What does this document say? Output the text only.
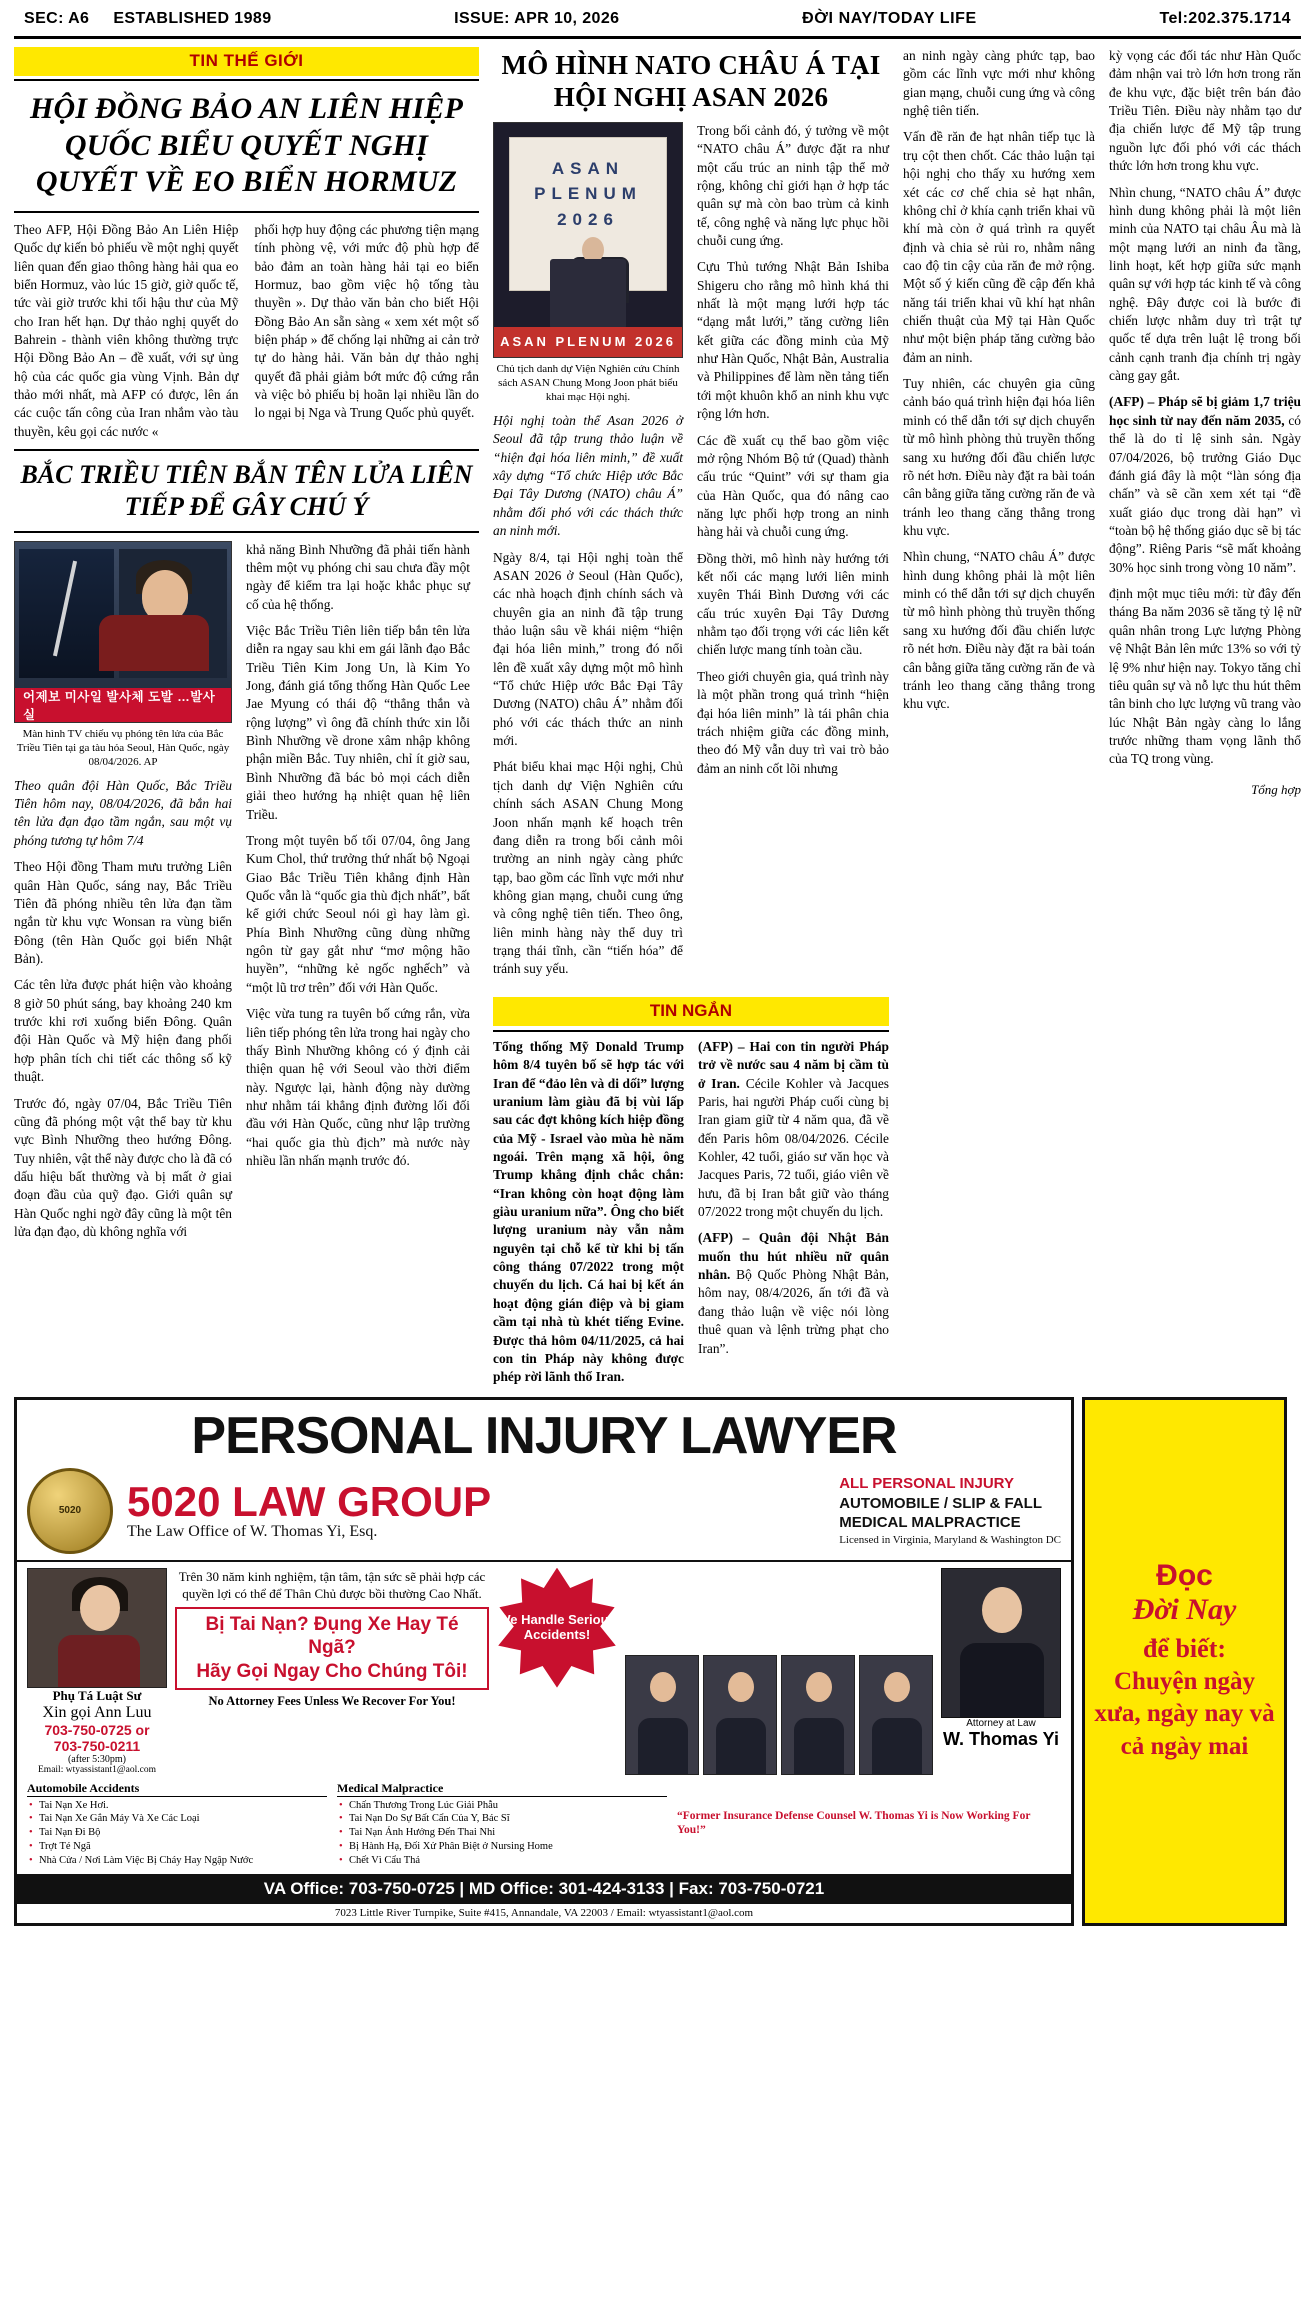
SEC: A6 ESTABLISHED 1989	ISSUE: APR 10, 2026	ĐỜI NAY/TODAY LIFE	Tel:202.375.1714
TIN THẾ GIỚI
HỘI ĐỒNG BẢO AN LIÊN HIỆP QUỐC BIỂU QUYẾT NGHỊ QUYẾT VỀ EO BIỂN HORMUZ

Theo AFP, Hội Đồng Bảo An Liên Hiệp Quốc dự kiến bỏ phiếu về một nghị quyết liên quan đến giao thông hàng hải qua eo biển Hormuz, vào lúc 15 giờ, giờ quốc tế, tức vài giờ trước khi tối hậu thư của Mỹ cho Iran hết hạn. Dự thảo nghị quyết do Bahrein - thành viên không thường trực Hội Đồng Bảo An – đề xuất, với sự ủng hộ của các quốc gia vùng Vịnh. Bản dự thảo mới nhất, mà AFP có được, lên án các cuộc tấn công của Iran nhắm vào tàu thuyền, kêu gọi các nước «

phối hợp huy động các phương tiện mạng tính phòng vệ, với mức độ phù hợp để bảo đảm an toàn hàng hải tại eo biển Hormuz, bao gồm việc hộ tống tàu thuyền ». Dự thảo văn bản cho biết Hội Đồng Bảo An sẵn sàng « xem xét một số biện pháp » để chống lại những ai cản trở tự do hàng hải. Văn bản dự thảo nghị quyết đã phải giảm bớt mức độ cứng rắn và việc bỏ phiếu bị hoãn lại nhiều lần do lo ngại bị Nga và Trung Quốc phủ quyết.

BẮC TRIỀU TIÊN BẮN TÊN LỬA LIÊN TIẾP ĐỂ GÂY CHÚ Ý
어제보 미사일 발사체 도발 …발사 실
Màn hình TV chiếu vụ phóng tên lửa của Bắc Triều Tiên tại ga tàu hỏa Seoul, Hàn Quốc, ngày 08/04/2026. AP

Theo quân đội Hàn Quốc, Bắc Triều Tiên hôm nay, 08/04/2026, đã bắn hai tên lửa đạn đạo tầm ngắn, sau một vụ phóng tương tự hôm 7/4

Theo Hội đồng Tham mưu trưởng Liên quân Hàn Quốc, sáng nay, Bắc Triều Tiên đã phóng nhiều tên lửa đạn tầm ngắn từ khu vực Wonsan ra vùng biển Đông (tên Hàn Quốc gọi biển Nhật Bản).

Các tên lửa được phát hiện vào khoảng 8 giờ 50 phút sáng, bay khoảng 240 km trước khi rơi xuống biển Đông. Quân đội Hàn Quốc và Mỹ hiện đang phối hợp phân tích chi tiết các thông số kỹ thuật.

Trước đó, ngày 07/04, Bắc Triều Tiên cũng đã phóng một vật thể bay từ khu vực Bình Nhưỡng theo hướng Đông. Tuy nhiên, vật thể này được cho là đã có dấu hiệu bất thường và bị mất ở giai đoạn đầu của quỹ đạo. Giới quân sự Hàn Quốc nghi ngờ đây cũng là một tên lửa đạn đạo, dù không nghĩa với

khả năng Bình Nhưỡng đã phải tiến hành thêm một vụ phóng chi sau chưa đầy một ngày để kiểm tra lại hoặc khắc phục sự cố của hệ thống.

Việc Bắc Triều Tiên liên tiếp bắn tên lửa diễn ra ngay sau khi em gái lãnh đạo Bắc Triều Tiên Kim Jong Un, là Kim Yo Jong, đánh giá tổng thống Hàn Quốc Lee Jae Myung có thái độ “thẳng thắn và rộng lượng” vì ông đã chính thức xin lỗi Bình Nhưỡng về drone xâm nhập không phận miền Bắc. Tuy nhiên, chỉ ít giờ sau, Bình Nhưỡng đã bác bỏ mọi cách diễn giải theo hướng hạ nhiệt quan hệ liên Triều.

Trong một tuyên bố tối 07/04, ông Jang Kum Chol, thứ trưởng thứ nhất bộ Ngoại Giao Bắc Triều Tiên khẳng định Hàn Quốc vẫn là “quốc gia thù địch nhất”, bất kể giới chức Seoul nói gì hay làm gì. Phía Bình Nhưỡng cũng dùng những ngôn từ gay gắt như “mơ mộng hão huyền”, “những kẻ ngốc nghếch” và “một lũ trơ trên” đối với Hàn Quốc.

Việc vừa tung ra tuyên bố cứng rắn, vừa liên tiếp phóng tên lửa trong hai ngày cho thấy Bình Nhưỡng không có ý định cải thiện quan hệ với Seoul vào thời điểm này. Ngược lại, hành động này dường như nhằm tái khẳng định đường lối đối đầu với Hàn Quốc, cũng như lập trường “hai quốc gia thù địch” mà nước này nhiều lần nhấn mạnh trước đó.

MÔ HÌNH NATO CHÂU Á TẠI HỘI NGHỊ ASAN 2026
ASAN
PLENUM
2026
ASAN PLENUM 2026
Chủ tịch danh dự Viện Nghiên cứu Chính sách ASAN Chung Mong Joon phát biểu khai mạc Hội nghị.

Hội nghị toàn thể Asan 2026 ở Seoul đã tập trung thảo luận về “hiện đại hóa liên minh,” đề xuất xây dựng “Tổ chức Hiệp ước Bắc Đại Tây Dương (NATO) châu Á” nhằm đối phó với các thách thức an ninh mới.

Ngày 8/4, tại Hội nghị toàn thể ASAN 2026 ở Seoul (Hàn Quốc), các nhà hoạch định chính sách và chuyên gia an ninh đã tập trung thảo luận sâu về khái niệm “hiện đại hóa liên minh,” trong đó nổi lên đề xuất xây dựng một mô hình “Tổ chức Hiệp ước Bắc Đại Tây Dương (NATO) châu Á” nhằm đối phó với các thách thức an ninh mới.

Phát biểu khai mạc Hội nghị, Chủ tịch danh dự Viện Nghiên cứu chính sách ASAN Chung Mong Joon nhấn mạnh kế hoạch trên đang diễn ra trong bối cảnh môi trường an ninh ngày càng phức tạp, bao gồm các lĩnh vực mới như không gian mạng, chuỗi cung ứng và công nghệ tiên tiến. Theo ông, liên minh hàng này thể duy trì trạng thái tĩnh, cần “tiến hóa” để tránh suy yếu.

Trong bối cảnh đó, ý tưởng về một “NATO châu Á” được đặt ra như một cấu trúc an ninh tập thể mở rộng, không chỉ giới hạn ở hợp tác quân sự mà còn bao trùm cả kinh tế, công nghệ và năng lực phục hồi chuỗi cung ứng.

Cựu Thủ tướng Nhật Bản Ishiba Shigeru cho rằng mô hình khá thi nhất là một mạng lưới hợp tác “dạng mắt lưới,” tăng cường liên kết giữa các đồng minh của Mỹ như Hàn Quốc, Nhật Bản, Australia và Philippines để làm nền tảng tiến tới một khuôn khổ an ninh khu vực rộng lớn hơn.

Các đề xuất cụ thể bao gồm việc mở rộng Nhóm Bộ tứ (Quad) thành cấu trúc “Quint” với sự tham gia của Hàn Quốc, qua đó nâng cao năng lực phối hợp trong an ninh hàng hải và chuỗi cung ứng.

Đồng thời, mô hình này hướng tới kết nối các mạng lưới liên minh xuyên Thái Bình Dương với các cấu trúc xuyên Đại Tây Dương nhằm tạo đối trọng với các liên kết chiến lược mang tính toàn cầu.

Theo giới chuyên gia, quá trình này là một phần trong quá trình “hiện đại hóa liên minh” là tái phân chia trách nhiệm giữa các đồng minh, theo đó Mỹ vẫn duy trì vai trò bảo đảm an ninh cốt lõi nhưng

TIN NGẮN

Tổng thống Mỹ Donald Trump hôm 8/4 tuyên bố sẽ hợp tác với Iran để “đảo lên và di dối” lượng uranium làm giàu đã bị vùi lấp sau các đợt không kích hiệp đồng của Mỹ - Israel vào mùa hè năm ngoái. Trên mạng xã hội, ông Trump khẳng định chắc chắn: “Iran không còn hoạt động làm giàu uranium nữa”. Ông cho biết lượng uranium này vẫn nằm nguyên tại chỗ kể từ khi bị tấn công tháng 07/2022 trong một chuyến du lịch. Cá hai bị kết án hoạt động gián điệp và bị giam cầm tại nhà tù khét tiếng Evine. Được thả hôm 04/11/2025, cả hai con tin Pháp này không được phép rời lãnh thổ Iran.

(AFP) – Hai con tin người Pháp trở về nước sau 4 năm bị cầm tù ở Iran. Cécile Kohler và Jacques Paris, hai người Pháp cuối cùng bị Iran giam giữ từ 4 năm qua, đã về đến Paris hôm 08/04/2026. Cécile Kohler, 42 tuổi, giáo sư văn học và Jacques Paris, 72 tuổi, giáo viên về hưu, đã bị Iran bắt giữ vào tháng 07/2022 trong một chuyến du lịch.

(AFP) – Quân đội Nhật Bản muốn thu hút nhiều nữ quân nhân. Bộ Quốc Phòng Nhật Bản, hôm nay, 08/4/2026, ấn tới đã và đang thảo luận về việc nói lòng thuê quan và lệnh trừng phạt cho Iran”.

an ninh ngày càng phức tạp, bao gồm các lĩnh vực mới như không gian mạng, chuỗi cung ứng và công nghệ tiên tiến.

Vấn đề răn đe hạt nhân tiếp tục là trụ cột then chốt. Các thảo luận tại hội nghị cho thấy xu hướng xem xét các cơ chế chia sẻ hạt nhân, không chỉ ở khía cạnh triển khai vũ khí mà còn ở quá trình ra quyết định và chia sẻ rủi ro, nhằm nâng cao độ tin cậy của răn đe mở rộng. Một số ý kiến cũng đề cập đến khả năng tái triển khai vũ khí hạt nhân chiến thuật của Mỹ tại Hàn Quốc như một biện pháp tăng cường bảo đảm an ninh.

Tuy nhiên, các chuyên gia cũng cảnh báo quá trình hiện đại hóa liên minh có thể dẫn tới sự dịch chuyển từ mô hình phòng thủ truyền thống sang xu hướng đối đầu chiến lược rõ nét hơn. Điều này đặt ra bài toán cân bằng giữa tăng cường răn đe và tránh leo thang căng thẳng trong khu vực.

Nhìn chung, “NATO châu Á” được hình dung không phải là một liên minh có thể dẫn tới sự dịch chuyển từ mô hình phòng thủ truyền thống sang xu hướng đối đầu chiến lược rõ nét hơn. Điều này đặt ra bài toán cân bằng giữa tăng cường răn đe và tránh leo thang căng thẳng trong khu vực.

kỳ vọng các đối tác như Hàn Quốc đảm nhận vai trò lớn hơn trong răn đe khu vực, đặc biệt trên bán đảo Triều Tiên. Điều này nhằm tạo dư địa chiến lược để Mỹ tập trung nguồn lực đối phó với các thách thức lớn hơn trong khu vực.

Nhìn chung, “NATO châu Á” được hình dung không phải là một liên minh của NATO tại châu Âu mà là một mạng lưới an ninh đa tầng, linh hoạt, kết hợp giữa sức mạnh quân sự với hợp tác kinh tế và công nghệ. Đây được coi là bước đi chiến lược nhằm duy trì trật tự quốc tế dựa trên luật lệ trong bối cảnh cạnh tranh địa chính trị ngày càng gay gắt.

(AFP) – Pháp sẽ bị giảm 1,7 triệu học sinh từ nay đến năm 2035, có thể là do tỉ lệ sinh sản. Ngày 07/04/2026, bộ trưởng Giáo Dục đánh giá đây là một “làn sóng địa chấn” và sẽ cần xem xét tại “đề xuất giáo dục trong dài hạn” vì “toàn bộ hệ thống giáo dục sẽ bị tác động”. Riêng Paris “sẽ mất khoảng 30% học sinh trong vòng 10 năm”.

định một mục tiêu mới: từ đây đến tháng Ba năm 2036 sẽ tăng tỷ lệ nữ quân nhân trong Lực lượng Phòng vệ Nhật Bản lên mức 13% so với tỷ lệ 9% như hiện nay. Tokyo tăng chỉ tiêu quân sự và nỗ lực thu hút thêm tân binh cho lực lượng vũ trang vào lúc Nhật Bản ngày càng lo lắng trước những tham vọng lãnh thổ của TQ trong vùng.

Tổng hợp
PERSONAL INJURY LAWYER
5020 5020 LAW GROUP
The Law Office of W. Thomas Yi, Esq.
ALL PERSONAL INJURY
AUTOMOBILE / SLIP & FALL
MEDICAL MALPRACTICE
Licensed in Virginia, Maryland & Washington DC
Phụ Tá Luật Sư
Xin gọi Ann Luu
703-750-0725 or
703-750-0211
(after 5:30pm)
Email: wtyassistant1@aol.com
Trên 30 năm kinh nghiệm, tận tâm, tận sức sẽ phải hợp các quyền lợi có thể để Thân Chủ được bồi thường Cao Nhất.
Bị Tai Nạn? Đụng Xe Hay Té Ngã?
Hãy Gọi Ngay Cho Chúng Tôi!
No Attorney Fees Unless We Recover For You!
We Handle Serious Accidents!
Attorney at Law
W. Thomas Yi
Automobile Accidents
• Tai Nạn Xe Hơi.
• Tai Nạn Xe Gắn Máy Và Xe Các Loại
• Tai Nạn Đi Bộ
• Trợt Té Ngã
• Nhà Cửa / Nơi Làm Việc Bị Cháy Hay Ngập Nước
Medical Malpractice
• Chấn Thương Trong Lúc Giải Phẫu
• Tai Nạn Do Sự Bất Cẩn Của Y, Bác Sĩ
• Tai Nạn Ảnh Hưởng Đến Thai Nhi
• Bị Hành Hạ, Đối Xử Phân Biệt ở Nursing Home
• Chết Vì Cẩu Thả
“Former Insurance Defense Counsel W. Thomas Yi is Now Working For You!”
VA Office: 703-750-0725 | MD Office: 301-424-3133 | Fax: 703-750-0721
7023 Little River Turnpike, Suite #415, Annandale, VA 22003 / Email: wtyassistant1@aol.com
Đọc
Đời Nay
để biết:
Chuyện ngày xưa, ngày nay và cả ngày mai
